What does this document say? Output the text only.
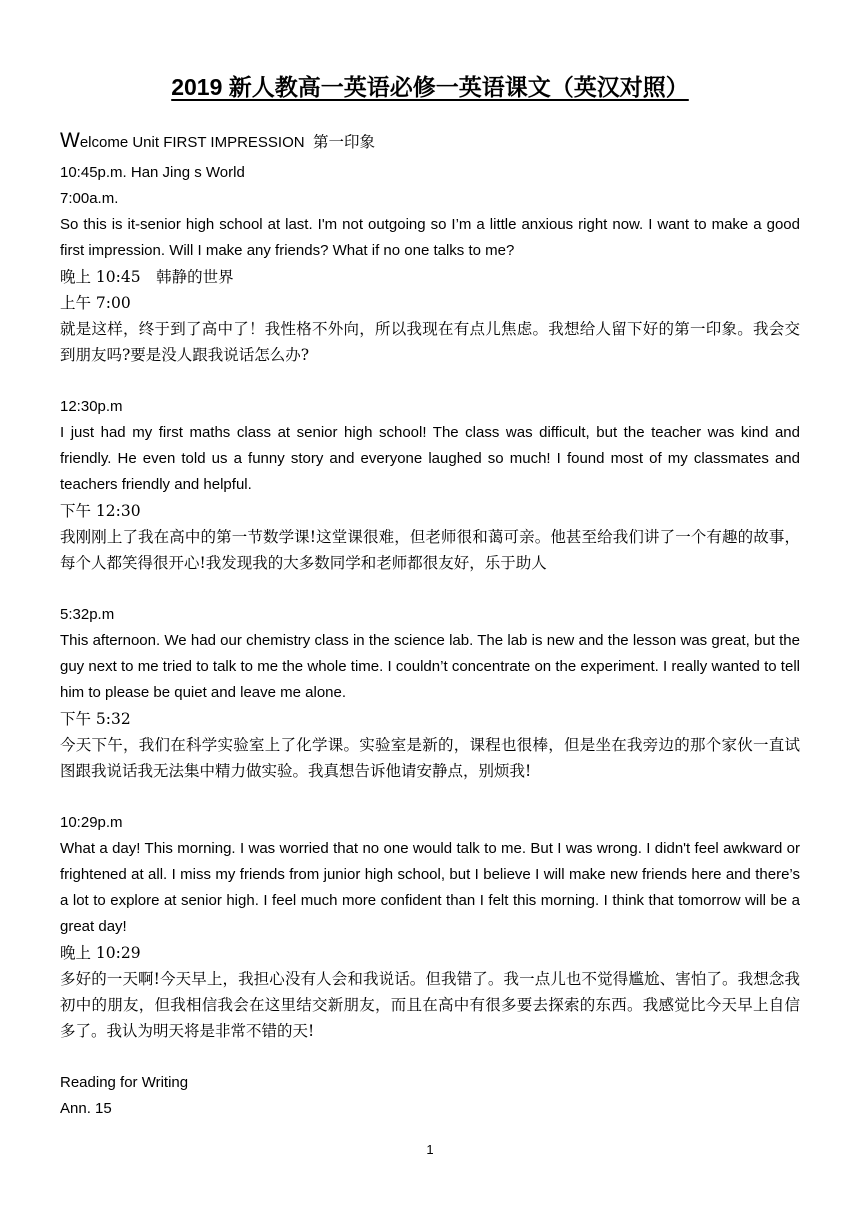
2019 新人教高一英语必修一英语课文（英汉对照）
Welcome Unit FIRST IMPRESSION 第一印象

10:45p.m. Han Jing s World

7:00a.m.

So this is it-senior high school at last. I'm not outgoing so I’m a little anxious right now. I want to make a good first impression. Will I make any friends? What if no one talks to me?

晚上 10:45　韩静的世界

上午 7:00

就是这样，终于到了高中了！我性格不外向，所以我现在有点儿焦虑。我想给人留下好的第一印象。我会交到朋友吗?要是没人跟我说话怎么办?

12:30p.m

I just had my first maths class at senior high school! The class was difficult, but the teacher was kind and friendly. He even told us a funny story and everyone laughed so much! I found most of my classmates and teachers friendly and helpful.

下午 12:30

我刚刚上了我在高中的第一节数学课!这堂课很难，但老师很和蔼可亲。他甚至给我们讲了一个有趣的故事，每个人都笑得很开心!我发现我的大多数同学和老师都很友好，乐于助人

5:32p.m

This afternoon. We had our chemistry class in the science lab. The lab is new and the lesson was great, but the guy next to me tried to talk to me the whole time. I couldn’t concentrate on the experiment. I really wanted to tell him to please be quiet and leave me alone.

下午 5:32

今天下午，我们在科学实验室上了化学课。实验室是新的，课程也很棒，但是坐在我旁边的那个家伙一直试图跟我说话我无法集中精力做实验。我真想告诉他请安静点，别烦我!

10:29p.m

What a day! This morning. I was worried that no one would talk to me. But I was wrong. I didn't feel awkward or frightened at all. I miss my friends from junior high school, but I believe I will make new friends here and there’s a lot to explore at senior high. I feel much more confident than I felt this morning. I think that tomorrow will be a great day!

晚上 10:29

多好的一天啊!今天早上，我担心没有人会和我说话。但我错了。我一点儿也不觉得尴尬、害怕了。我想念我初中的朋友，但我相信我会在这里结交新朋友，而且在高中有很多要去探索的东西。我感觉比今天早上自信多了。我认为明天将是非常不错的天!

Reading for Writing

Ann. 15

1
